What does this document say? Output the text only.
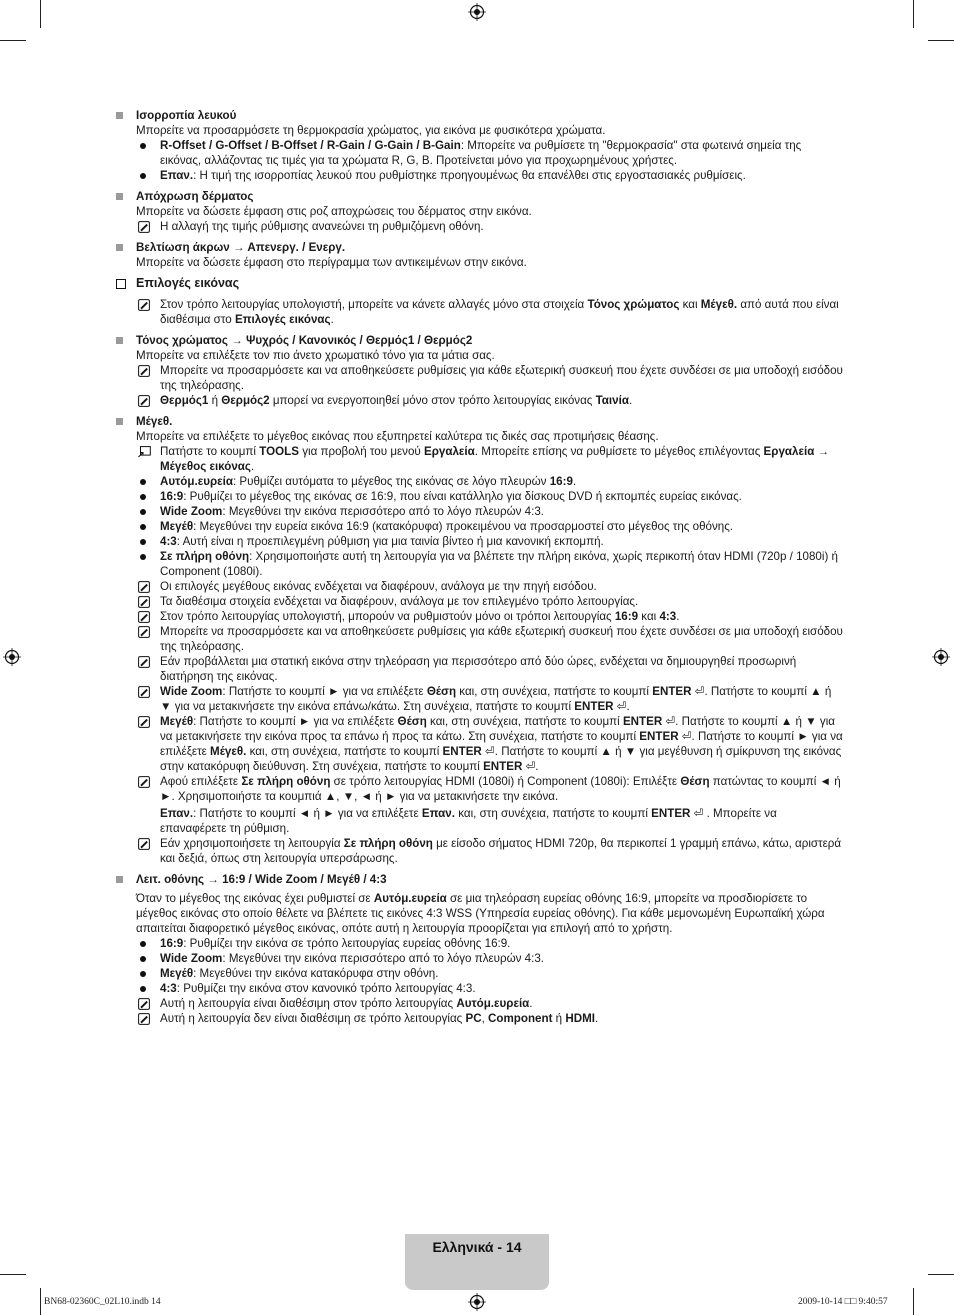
Ισορροπία λευκού
Μπορείτε να προσαρμόσετε τη θερμοκρασία χρώματος, για εικόνα με φυσικότερα χρώματα.
R-Offset / G-Offset / B-Offset / R-Gain / G-Gain / B-Gain: Μπορείτε να ρυθμίσετε τη "θερμοκρασία" στα φωτεινά σημεία της εικόνας, αλλάζοντας τις τιμές για τα χρώματα R, G, B. Προτείνεται μόνο για προχωρημένους χρήστες.
Επαν.: Η τιμή της ισορροπίας λευκού που ρυθμίστηκε προηγουμένως θα επανέλθει στις εργοστασιακές ρυθμίσεις.
Απόχρωση δέρματος
Μπορείτε να δώσετε έμφαση στις ροζ αποχρώσεις του δέρματος στην εικόνα.
Η αλλαγή της τιμής ρύθμισης ανανεώνει τη ρυθμιζόμενη οθόνη.
Βελτίωση άκρων → Απενεργ. / Ενεργ.
Μπορείτε να δώσετε έμφαση στο περίγραμμα των αντικειμένων στην εικόνα.
Επιλογές εικόνας
Στον τρόπο λειτουργίας υπολογιστή, μπορείτε να κάνετε αλλαγές μόνο στα στοιχεία Τόνος χρώματος και Μέγεθ. από αυτά που είναι διαθέσιμα στο Επιλογές εικόνας.
Τόνος χρώματος → Ψυχρός / Κανονικός / Θερμός1 / Θερμός2
Μπορείτε να επιλέξετε τον πιο άνετο χρωματικό τόνο για τα μάτια σας.
Μπορείτε να προσαρμόσετε και να αποθηκεύσετε ρυθμίσεις για κάθε εξωτερική συσκευή που έχετε συνδέσει σε μια υποδοχή εισόδου της τηλεόρασης.
Θερμός1 ή Θερμός2 μπορεί να ενεργοποιηθεί μόνο στον τρόπο λειτουργίας εικόνας Ταινία.
Μέγεθ.
Μπορείτε να επιλέξετε το μέγεθος εικόνας που εξυπηρετεί καλύτερα τις δικές σας προτιμήσεις θέασης.
Πατήστε το κουμπί TOOLS για προβολή του μενού Εργαλεία. Μπορείτε επίσης να ρυθμίσετε το μέγεθος επιλέγοντας Εργαλεία → Μέγεθος εικόνας.
Αυτόμ.ευρεία: Ρυθμίζει αυτόματα το μέγεθος της εικόνας σε λόγο πλευρών 16:9.
16:9: Ρυθμίζει το μέγεθος της εικόνας σε 16:9, που είναι κατάλληλο για δίσκους DVD ή εκπομπές ευρείας εικόνας.
Wide Zoom: Μεγεθύνει την εικόνα περισσότερο από το λόγο πλευρών 4:3.
Μεγέθ: Μεγεθύνει την ευρεία εικόνα 16:9 (κατακόρυφα) προκειμένου να προσαρμοστεί στο μέγεθος της οθόνης.
4:3: Αυτή είναι η προεπιλεγμένη ρύθμιση για μια ταινία βίντεο ή μια κανονική εκπομπή.
Σε πλήρη οθόνη: Χρησιμοποιήστε αυτή τη λειτουργία για να βλέπετε την πλήρη εικόνα, χωρίς περικοπή όταν HDMI (720p / 1080i) ή Component (1080i).
Οι επιλογές μεγέθους εικόνας ενδέχεται να διαφέρουν, ανάλογα με την πηγή εισόδου.
Τα διαθέσιμα στοιχεία ενδέχεται να διαφέρουν, ανάλογα με τον επιλεγμένο τρόπο λειτουργίας.
Στον τρόπο λειτουργίας υπολογιστή, μπορούν να ρυθμιστούν μόνο οι τρόποι λειτουργίας 16:9 και 4:3.
Μπορείτε να προσαρμόσετε και να αποθηκεύσετε ρυθμίσεις για κάθε εξωτερική συσκευή που έχετε συνδέσει σε μια υποδοχή εισόδου της τηλεόρασης.
Εάν προβάλλεται μια στατική εικόνα στην τηλεόραση για περισσότερο από δύο ώρες, ενδέχεται να δημιουργηθεί προσωρινή διατήρηση της εικόνας.
Wide Zoom: Πατήστε το κουμπί ► για να επιλέξετε Θέση και, στη συνέχεια, πατήστε το κουμπί ENTER ⏎. Πατήστε το κουμπί ▲ ή ▼ για να μετακινήσετε την εικόνα επάνω/κάτω. Στη συνέχεια, πατήστε το κουμπί ENTER ⏎.
Μεγέθ: Πατήστε το κουμπί ► για να επιλέξετε Θέση και, στη συνέχεια, πατήστε το κουμπί ENTER ⏎. Πατήστε το κουμπί ▲ ή ▼ για να μετακινήσετε την εικόνα προς τα επάνω ή προς τα κάτω. Στη συνέχεια, πατήστε το κουμπί ENTER ⏎. Πατήστε το κουμπί ► για να επιλέξετε Μέγεθ. και, στη συνέχεια, πατήστε το κουμπί ENTER ⏎. Πατήστε το κουμπί ▲ ή ▼ για μεγέθυνση ή σμίκρυνση της εικόνας στην κατακόρυφη διεύθυνση. Στη συνέχεια, πατήστε το κουμπί ENTER ⏎.
Αφού επιλέξετε Σε πλήρη οθόνη σε τρόπο λειτουργίας HDMI (1080i) ή Component (1080i): Επιλέξτε Θέση πατώντας το κουμπί ◄ ή ►. Χρησιμοποιήστε τα κουμπιά ▲, ▼, ◄ ή ► για να μετακινήσετε την εικόνα.
Επαν.: Πατήστε το κουμπί ◄ ή ► για να επιλέξετε Επαν. και, στη συνέχεια, πατήστε το κουμπί ENTER ⏎ . Μπορείτε να επαναφέρετε τη ρύθμιση.
Εάν χρησιμοποιήσετε τη λειτουργία Σε πλήρη οθόνη με είσοδο σήματος HDMI 720p, θα περικοπεί 1 γραμμή επάνω, κάτω, αριστερά και δεξιά, όπως στη λειτουργία υπερσάρωσης.
Λειτ. οθόνης → 16:9 / Wide Zoom / Μεγέθ / 4:3
Όταν το μέγεθος της εικόνας έχει ρυθμιστεί σε Αυτόμ.ευρεία σε μια τηλεόραση ευρείας οθόνης 16:9, μπορείτε να προσδιορίσετε το μέγεθος εικόνας στο οποίο θέλετε να βλέπετε τις εικόνες 4:3 WSS (Υπηρεσία ευρείας οθόνης). Για κάθε μεμονωμένη Ευρωπαϊκή χώρα απαιτείται διαφορετικό μέγεθος εικόνας, οπότε αυτή η λειτουργία προορίζεται για επιλογή από το χρήστη.
16:9: Ρυθμίζει την εικόνα σε τρόπο λειτουργίας ευρείας οθόνης 16:9.
Wide Zoom: Μεγεθύνει την εικόνα περισσότερο από το λόγο πλευρών 4:3.
Μεγέθ: Μεγεθύνει την εικόνα κατακόρυφα στην οθόνη.
4:3: Ρυθμίζει την εικόνα στον κανονικό τρόπο λειτουργίας 4:3.
Αυτή η λειτουργία είναι διαθέσιμη στον τρόπο λειτουργίας Αυτόμ.ευρεία.
Αυτή η λειτουργία δεν είναι διαθέσιμη σε τρόπο λειτουργίας PC, Component ή HDMI.
Ελληνικά - 14
BN68-02360C_02L10.indb 14	2009-10-14 □□ 9:40:57
